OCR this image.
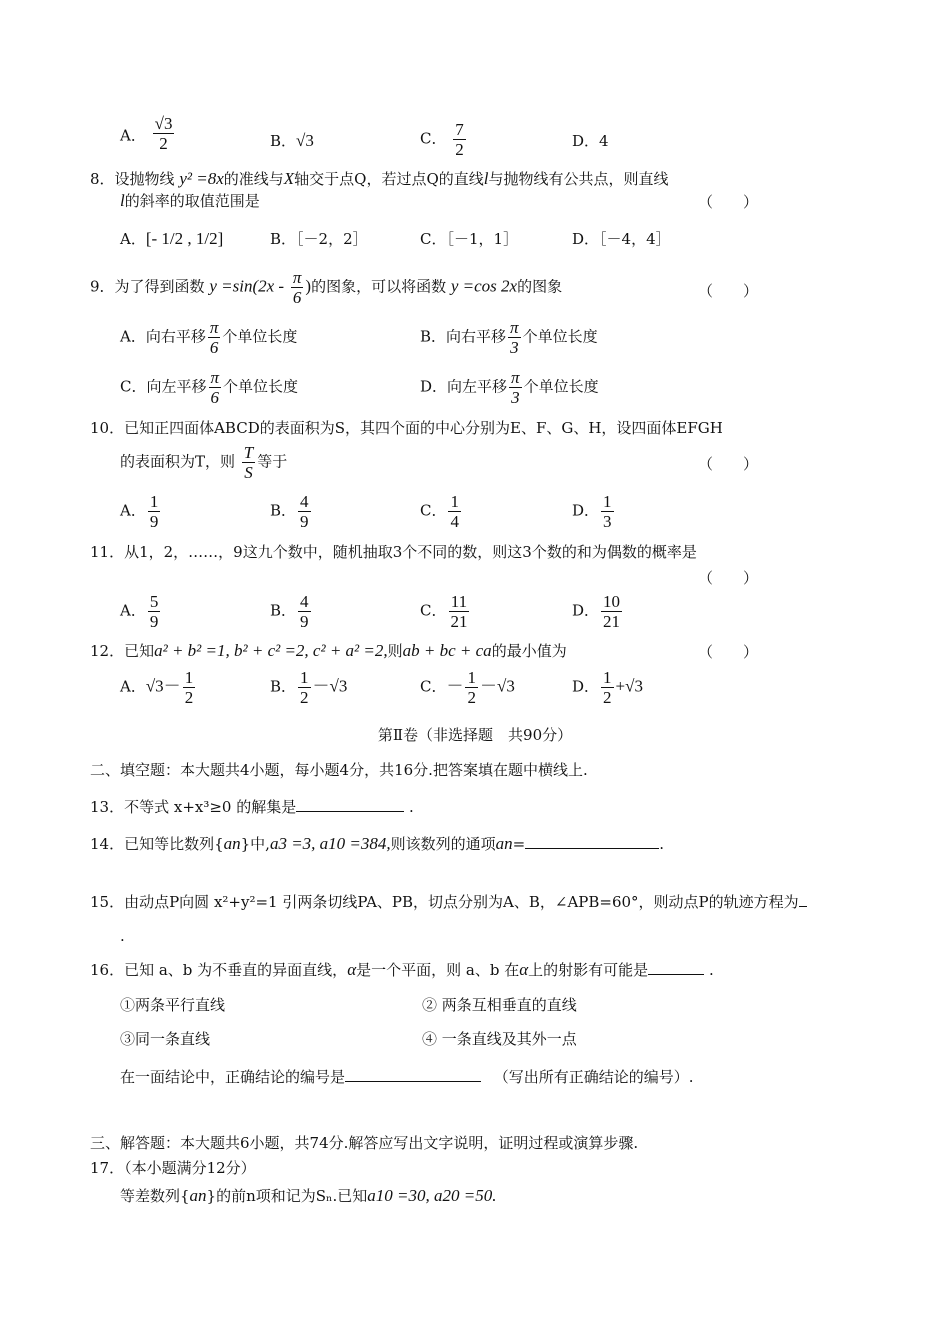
A． $\frac{√3}{2}$	B．√3	C． $\frac{7}{2}$	D．4
8．设抛物线 y² =8x的准线与X轴交于点Q，若过点Q的直线l与抛物线有公共点，则直线
l的斜率的取值范围是	（　　）
A．[- 1/2 , 1/2]	B．［－2，2］	C．［－1，1］	D．［－4，4］
9．为了得到函数 $y =\sin(2x - \frac{\pi}{6}$ )的图象，可以将函数 y =cos 2x的图象	（　　）
A．向右平移 $\frac{\pi}{6}$ 个单位长度	B．向右平移 $\frac{\pi}{3}$ 个单位长度
C．向左平移 $\frac{\pi}{6}$ 个单位长度	D．向左平移 $\frac{\pi}{3}$ 个单位长度
10．已知正四面体ABCD的表面积为S，其四个面的中心分别为E、F、G、H，设四面体EFGH
的表面积为T，则 $\frac{T}{S}$ 等于	（　　）
A． $\frac{1}{9}$	B． $\frac{4}{9}$	C． $\frac{1}{4}$	D． $\frac{1}{3}$
11．从1，2，……，9这九个数中，随机抽取3个不同的数，则这3个数的和为偶数的概率是
（　　）
A． $\frac{5}{9}$	B． $\frac{4}{9}$	C． $\frac{11}{21}$	D． $\frac{10}{21}$
12．已知a² + b² =1, b² + c² =2, c² + a² =2,则ab + bc + ca的最小值为	（　　）
A．$√3- \frac{1}{2}$	B． $\frac{1}{2} -√3$	C．－ $\frac{1}{2} -√3$	D． $\frac{1}{2} +√3$
第Ⅱ卷（非选择题　共90分）
二、填空题：本大题共4小题，每小题4分，共16分.把答案填在题中横线上.
13．不等式 x+x³≥0 的解集是	.
14．已知等比数列{an}中,a3 =3, a10 =384,则该数列的通项an=	.
15．由动点P向圆 x²+y²=1 引两条切线PA、PB，切点分别为A、B，∠APB=60°，则动点P的轨迹方程为
.
16．已知 a、b 为不垂直的异面直线，α是一个平面，则 a、b 在α上的射影有可能是	.
①两条平行直线	② 两条互相垂直的直线
③同一条直线	④ 一条直线及其外一点
在一面结论中，正确结论的编号是	（写出所有正确结论的编号）.
三、解答题：本大题共6小题，共74分.解答应写出文字说明，证明过程或演算步骤.
17．（本小题满分12分）
等差数列{an}的前n项和记为Sₙ.已知a10 =30, a20 =50.
